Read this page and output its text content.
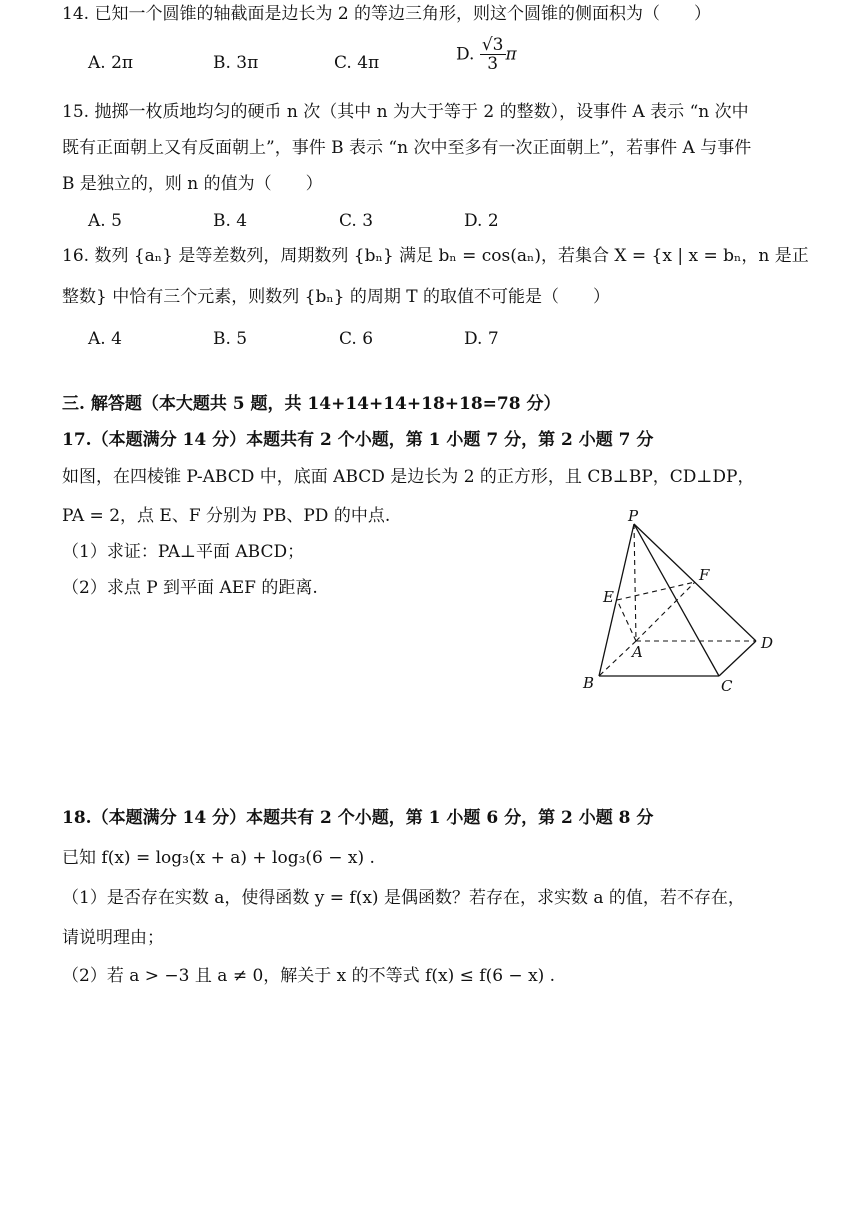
14. 已知一个圆锥的轴截面是边长为 2 的等边三角形，则这个圆锥的侧面积为（　　）
A. 2π	B. 3π	C. 4π	D. $\frac{√3}{3}$ π
15. 抛掷一枚质地均匀的硬币 n 次（其中 n 为大于等于 2 的整数），设事件 A 表示 “n 次中
既有正面朝上又有反面朝上”，事件 B 表示 “n 次中至多有一次正面朝上”，若事件 A 与事件
B 是独立的，则 n 的值为（　　）
A. 5	B. 4	C. 3	D. 2
16. 数列 {aₙ} 是等差数列，周期数列 {bₙ} 满足 bₙ = cos(aₙ)，若集合 X = {x | x = bₙ，n 是正
整数} 中恰有三个元素，则数列 {bₙ} 的周期 T 的取值不可能是（　　）
A. 4	B. 5	C. 6	D. 7
三. 解答题（本大题共 5 题，共 14+14+14+18+18=78 分）
17.（本题满分 14 分）本题共有 2 个小题，第 1 小题 7 分，第 2 小题 7 分
如图，在四棱锥 P-ABCD 中，底面 ABCD 是边长为 2 的正方形，且 CB⊥BP，CD⊥DP，
PA = 2，点 E、F 分别为 PB、PD 的中点.
（1）求证：PA⊥平面 ABCD；
（2）求点 P 到平面 AEF 的距离.
P
F
E
A	D
B	C
18.（本题满分 14 分）本题共有 2 个小题，第 1 小题 6 分，第 2 小题 8 分
已知 f(x) = log₃(x + a) + log₃(6 − x) .
（1）是否存在实数 a，使得函数 y = f(x) 是偶函数？若存在，求实数 a 的值，若不存在，
请说明理由；
（2）若 a > −3 且 a ≠ 0，解关于 x 的不等式 f(x) ≤ f(6 − x) .
